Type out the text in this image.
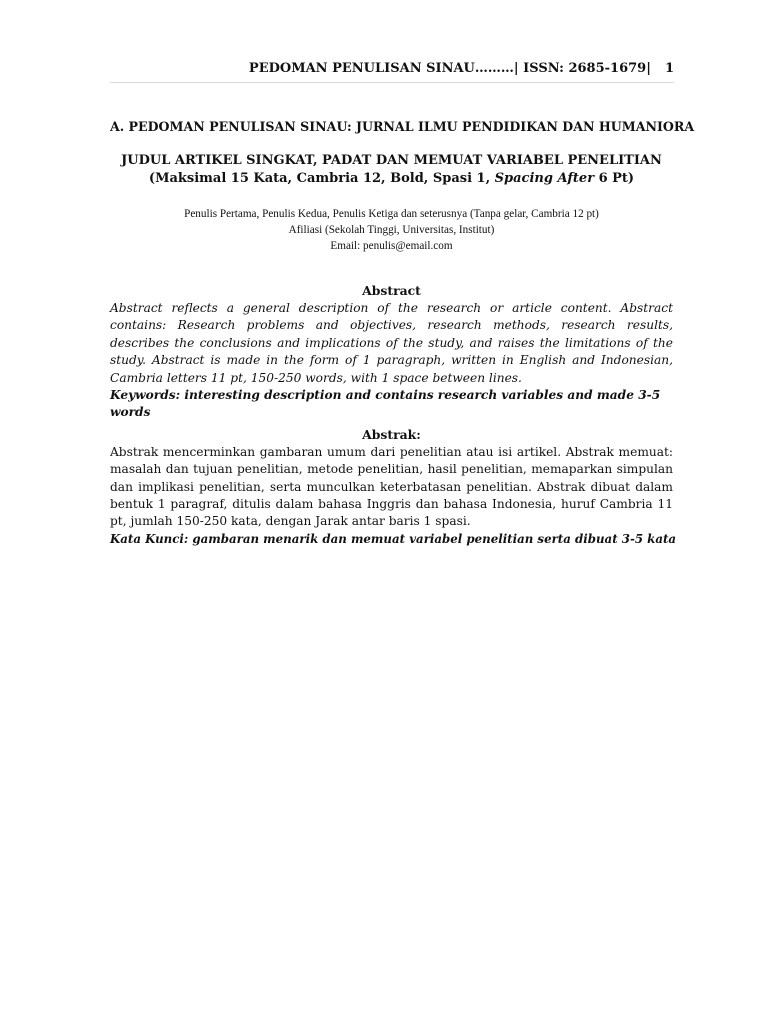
PEDOMAN PENULISAN SINAU………| ISSN: 2685-1679| 1

A. PEDOMAN PENULISAN SINAU: JURNAL ILMU PENDIDIKAN DAN HUMANIORA

JUDUL ARTIKEL SINGKAT, PADAT DAN MEMUAT VARIABEL PENELITIAN

(Maksimal 15 Kata, Cambria 12, Bold, Spasi 1, Spacing After 6 Pt)

Penulis Pertama, Penulis Kedua, Penulis Ketiga dan seterusnya (Tanpa gelar, Cambria 12 pt)

Afiliasi (Sekolah Tinggi, Universitas, Institut)

Email: penulis@email.com

Abstract

Abstract reflects a general description of the research or article content. Abstract contains: Research problems and objectives, research methods, research results, describes the conclusions and implications of the study, and raises the limitations of the study. Abstract is made in the form of 1 paragraph, written in English and Indonesian, Cambria letters 11 pt, 150-250 words, with 1 space between lines.

Keywords: interesting description and contains research variables and made 3-5 words

Abstrak:

Abstrak mencerminkan gambaran umum dari penelitian atau isi artikel. Abstrak memuat: masalah dan tujuan penelitian, metode penelitian, hasil penelitian, memaparkan simpulan dan implikasi penelitian, serta munculkan keterbatasan penelitian. Abstrak dibuat dalam bentuk 1 paragraf, ditulis dalam bahasa Inggris dan bahasa Indonesia, huruf Cambria 11 pt, jumlah 150-250 kata, dengan Jarak antar baris 1 spasi.

Kata Kunci: gambaran menarik dan memuat variabel penelitian serta dibuat 3-5 kata
